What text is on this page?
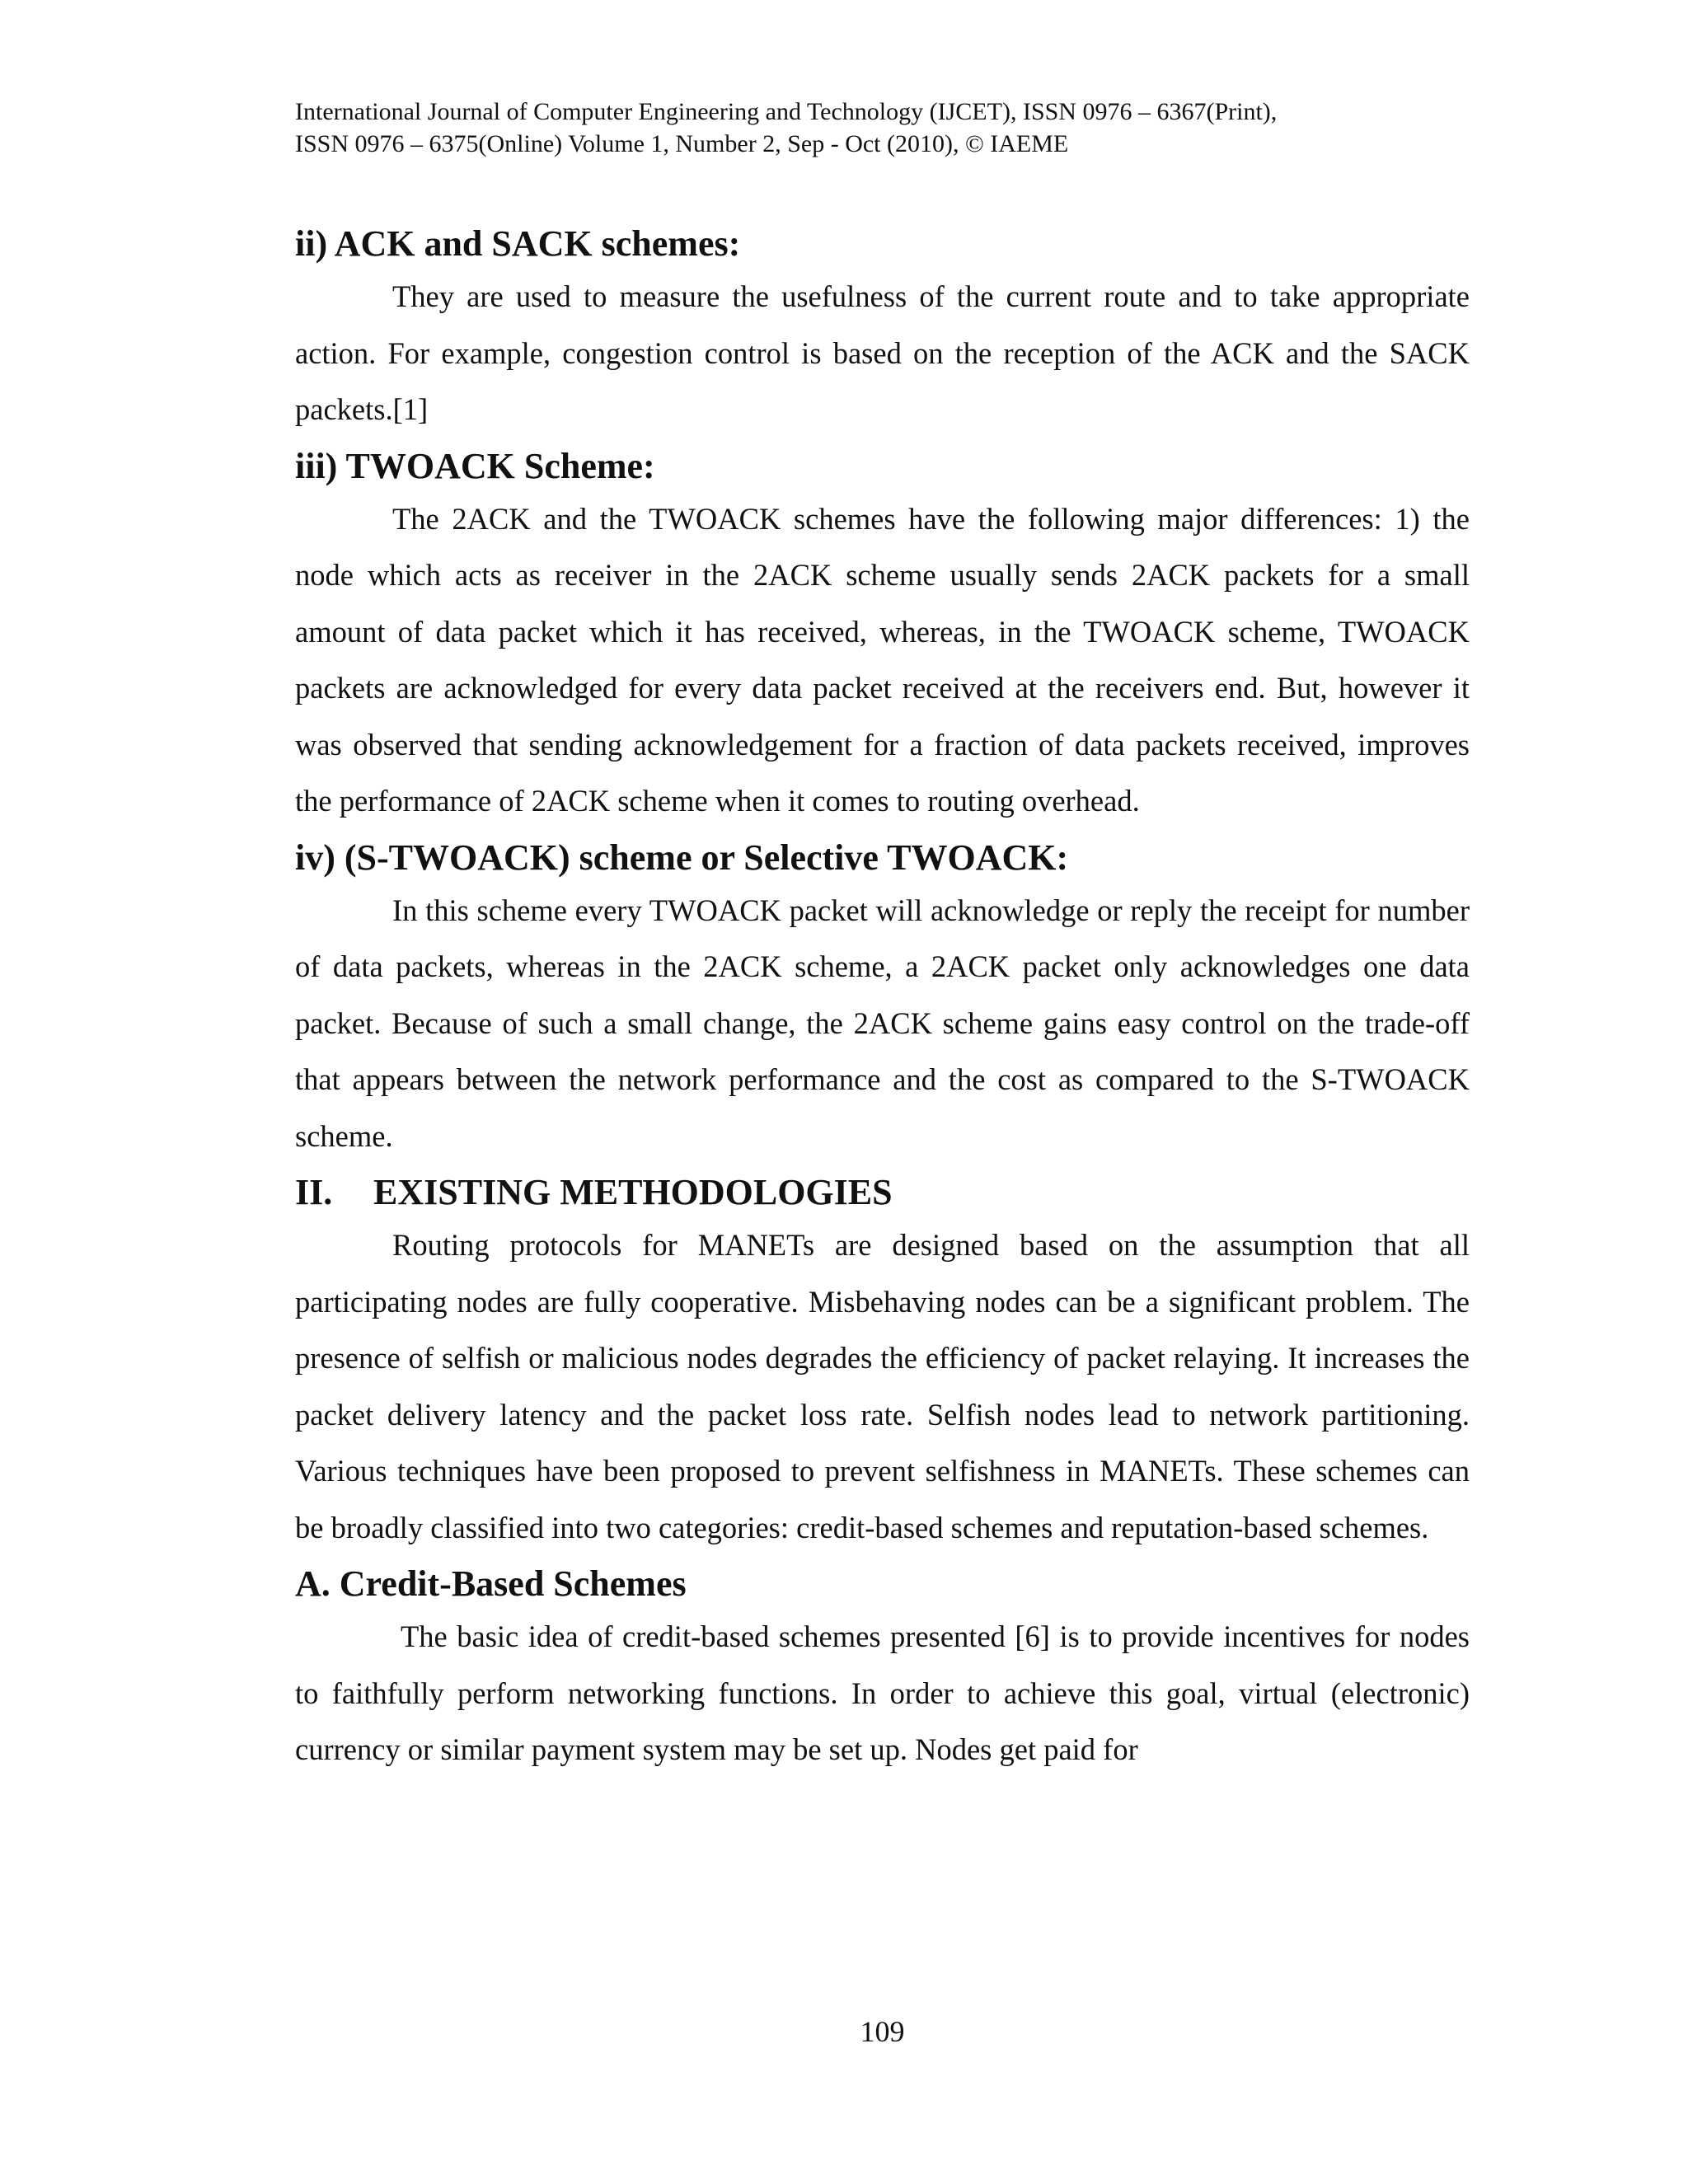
International Journal of Computer Engineering and Technology (IJCET), ISSN 0976 – 6367(Print),
ISSN 0976 – 6375(Online) Volume 1, Number 2, Sep - Oct (2010), © IAEME
ii) ACK and SACK schemes:

They are used to measure the usefulness of the current route and to take appropriate action. For example, congestion control is based on the reception of the ACK and the SACK packets.[1]

iii) TWOACK Scheme:

The 2ACK and the TWOACK schemes have the following major differences: 1) the node which acts as receiver in the 2ACK scheme usually sends 2ACK packets for a small amount of data packet which it has received, whereas, in the TWOACK scheme, TWOACK packets are acknowledged for every data packet received at the receivers end. But, however it was observed that sending acknowledgement for a fraction of data packets received, improves the performance of 2ACK scheme when it comes to routing overhead.

iv) (S-TWOACK) scheme or Selective TWOACK:

In this scheme every TWOACK packet will acknowledge or reply the receipt for number of data packets, whereas in the 2ACK scheme, a 2ACK packet only acknowledges one data packet. Because of such a small change, the 2ACK scheme gains easy control on the trade-off that appears between the network performance and the cost as compared to the S-TWOACK scheme.

II.	EXISTING METHODOLOGIES

Routing protocols for MANETs are designed based on the assumption that all participating nodes are fully cooperative. Misbehaving nodes can be a significant problem. The presence of selfish or malicious nodes degrades the efficiency of packet relaying. It increases the packet delivery latency and the packet loss rate. Selfish nodes lead to network partitioning. Various techniques have been proposed to prevent selfishness in MANETs. These schemes can be broadly classified into two categories: credit-based schemes and reputation-based schemes.

A. Credit-Based Schemes

The basic idea of credit-based schemes presented [6] is to provide incentives for nodes to faithfully perform networking functions. In order to achieve this goal, virtual (electronic) currency or similar payment system may be set up. Nodes get paid for

109
